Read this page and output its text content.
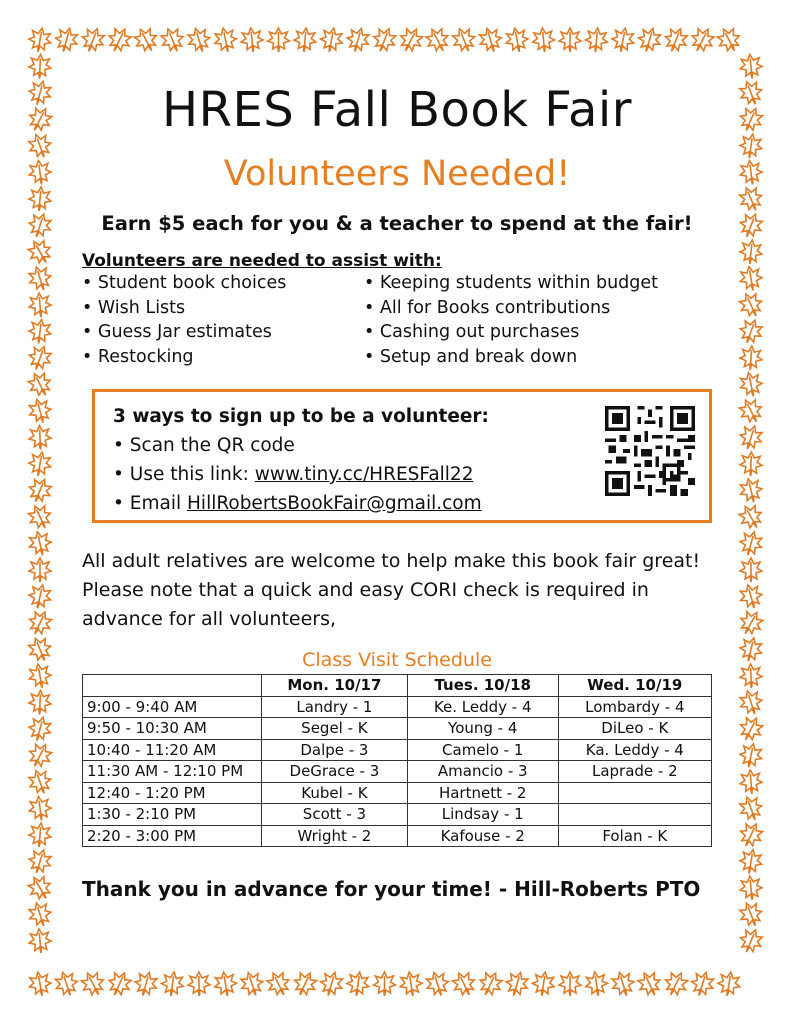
HRES Fall Book Fair
Volunteers Needed!
Earn $5 each for you & a teacher to spend at the fair!
Volunteers are needed to assist with:
• Student book choices
• Wish Lists
• Guess Jar estimates
• Restocking
• Keeping students within budget
• All for Books contributions
• Cashing out purchases
• Setup and break down
3 ways to sign up to be a volunteer:
• Scan the QR code
• Use this link: www.tiny.cc/HRESFall22
• Email HillRobertsBookFair@gmail.com
All adult relatives are welcome to help make this book fair great! Please note that a quick and easy CORI check is required in advance for all volunteers,
Class Visit Schedule
	Mon. 10/17	Tues. 10/18	Wed. 10/19
9:00 - 9:40 AM	Landry - 1	Ke. Leddy - 4	Lombardy - 4
9:50 - 10:30 AM	Segel - K	Young - 4	DiLeo - K
10:40 - 11:20 AM	Dalpe - 3	Camelo - 1	Ka. Leddy - 4
11:30 AM - 12:10 PM	DeGrace - 3	Amancio - 3	Laprade - 2
12:40 - 1:20 PM	Kubel - K	Hartnett - 2	
1:30 - 2:10 PM	Scott - 3	Lindsay - 1	
2:20 - 3:00 PM	Wright - 2	Kafouse - 2	Folan - K
Thank you in advance for your time! - Hill-Roberts PTO
